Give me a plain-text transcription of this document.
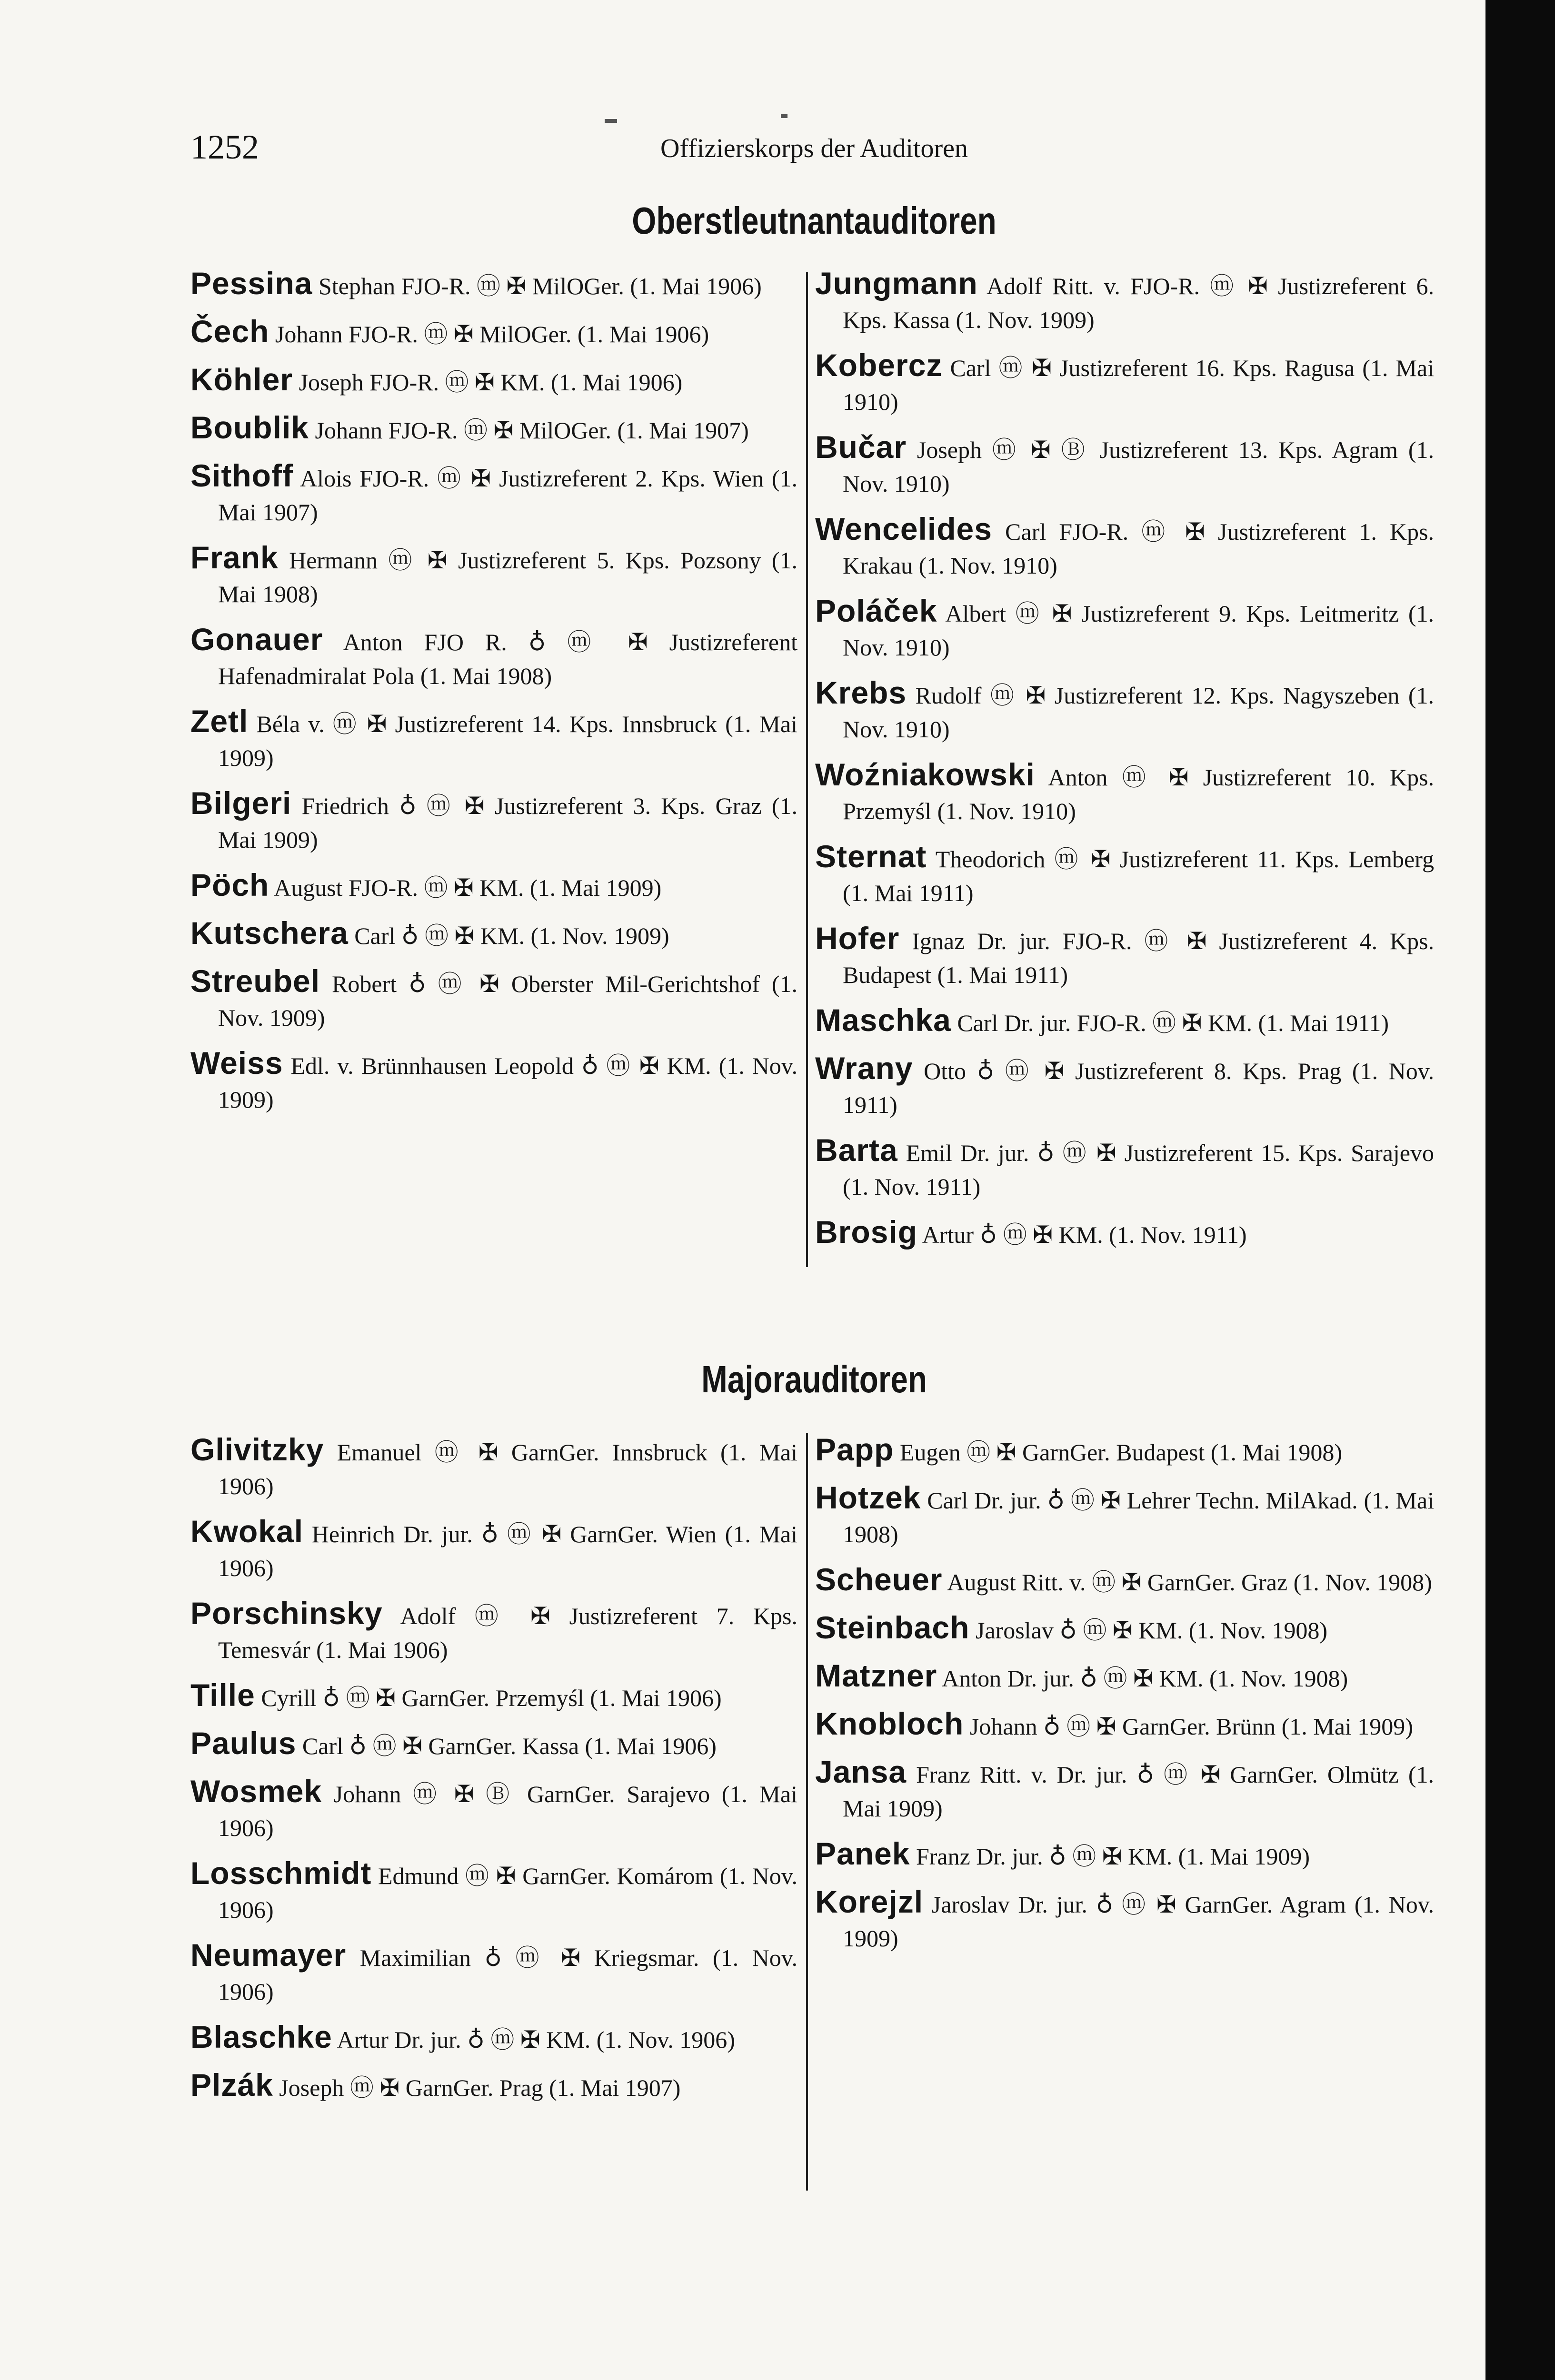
1252	Offizierskorps der Auditoren
Oberstleutnantauditoren
Pessina Stephan FJO-R. ⓜ ✠ MilOGer. (1. Mai 1906)
Čech Johann FJO-R. ⓜ ✠ MilOGer. (1. Mai 1906)
Köhler Joseph FJO-R. ⓜ ✠ KM. (1. Mai 1906)
Boublik Johann FJO-R. ⓜ ✠ MilOGer. (1. Mai 1907)
Sithoff Alois FJO-R. ⓜ ✠ Justizreferent 2. Kps. Wien (1. Mai 1907)
Frank Hermann ⓜ ✠ Justizreferent 5. Kps. Pozsony (1. Mai 1908)
Gonauer Anton FJO R. ♁ ⓜ ✠ Justizreferent Hafenadmiralat Pola (1. Mai 1908)
Zetl Béla v. ⓜ ✠ Justizreferent 14. Kps. Innsbruck (1. Mai 1909)
Bilgeri Friedrich ♁ ⓜ ✠ Justizreferent 3. Kps. Graz (1. Mai 1909)
Pöch August FJO-R. ⓜ ✠ KM. (1. Mai 1909)
Kutschera Carl ♁ ⓜ ✠ KM. (1. Nov. 1909)
Streubel Robert ♁ ⓜ ✠ Oberster Mil-Gerichtshof (1. Nov. 1909)
Weiss Edl. v. Brünnhausen Leopold ♁ ⓜ ✠ KM. (1. Nov. 1909)
Jungmann Adolf Ritt. v. FJO-R. ⓜ ✠ Justizreferent 6. Kps. Kassa (1. Nov. 1909)
Kobercz Carl ⓜ ✠ Justizreferent 16. Kps. Ragusa (1. Mai 1910)
Bučar Joseph ⓜ ✠ Ⓑ Justizreferent 13. Kps. Agram (1. Nov. 1910)
Wencelides Carl FJO-R. ⓜ ✠ Justizreferent 1. Kps. Krakau (1. Nov. 1910)
Poláček Albert ⓜ ✠ Justizreferent 9. Kps. Leitmeritz (1. Nov. 1910)
Krebs Rudolf ⓜ ✠ Justizreferent 12. Kps. Nagyszeben (1. Nov. 1910)
Woźniakowski Anton ⓜ ✠ Justizreferent 10. Kps. Przemyśl (1. Nov. 1910)
Sternat Theodorich ⓜ ✠ Justizreferent 11. Kps. Lemberg (1. Mai 1911)
Hofer Ignaz Dr. jur. FJO-R. ⓜ ✠ Justizreferent 4. Kps. Budapest (1. Mai 1911)
Maschka Carl Dr. jur. FJO-R. ⓜ ✠ KM. (1. Mai 1911)
Wrany Otto ♁ ⓜ ✠ Justizreferent 8. Kps. Prag (1. Nov. 1911)
Barta Emil Dr. jur. ♁ ⓜ ✠ Justizreferent 15. Kps. Sarajevo (1. Nov. 1911)
Brosig Artur ♁ ⓜ ✠ KM. (1. Nov. 1911)
Majorauditoren
Glivitzky Emanuel ⓜ ✠ GarnGer. Innsbruck (1. Mai 1906)
Kwokal Heinrich Dr. jur. ♁ ⓜ ✠ GarnGer. Wien (1. Mai 1906)
Porschinsky Adolf ⓜ ✠ Justizreferent 7. Kps. Temesvár (1. Mai 1906)
Tille Cyrill ♁ ⓜ ✠ GarnGer. Przemyśl (1. Mai 1906)
Paulus Carl ♁ ⓜ ✠ GarnGer. Kassa (1. Mai 1906)
Wosmek Johann ⓜ ✠ Ⓑ GarnGer. Sarajevo (1. Mai 1906)
Losschmidt Edmund ⓜ ✠ GarnGer. Komárom (1. Nov. 1906)
Neumayer Maximilian ♁ ⓜ ✠ Kriegsmar. (1. Nov. 1906)
Blaschke Artur Dr. jur. ♁ ⓜ ✠ KM. (1. Nov. 1906)
Plzák Joseph ⓜ ✠ GarnGer. Prag (1. Mai 1907)
Papp Eugen ⓜ ✠ GarnGer. Budapest (1. Mai 1908)
Hotzek Carl Dr. jur. ♁ ⓜ ✠ Lehrer Techn. MilAkad. (1. Mai 1908)
Scheuer August Ritt. v. ⓜ ✠ GarnGer. Graz (1. Nov. 1908)
Steinbach Jaroslav ♁ ⓜ ✠ KM. (1. Nov. 1908)
Matzner Anton Dr. jur. ♁ ⓜ ✠ KM. (1. Nov. 1908)
Knobloch Johann ♁ ⓜ ✠ GarnGer. Brünn (1. Mai 1909)
Jansa Franz Ritt. v. Dr. jur. ♁ ⓜ ✠ GarnGer. Olmütz (1. Mai 1909)
Panek Franz Dr. jur. ♁ ⓜ ✠ KM. (1. Mai 1909)
Korejzl Jaroslav Dr. jur. ♁ ⓜ ✠ GarnGer. Agram (1. Nov. 1909)
